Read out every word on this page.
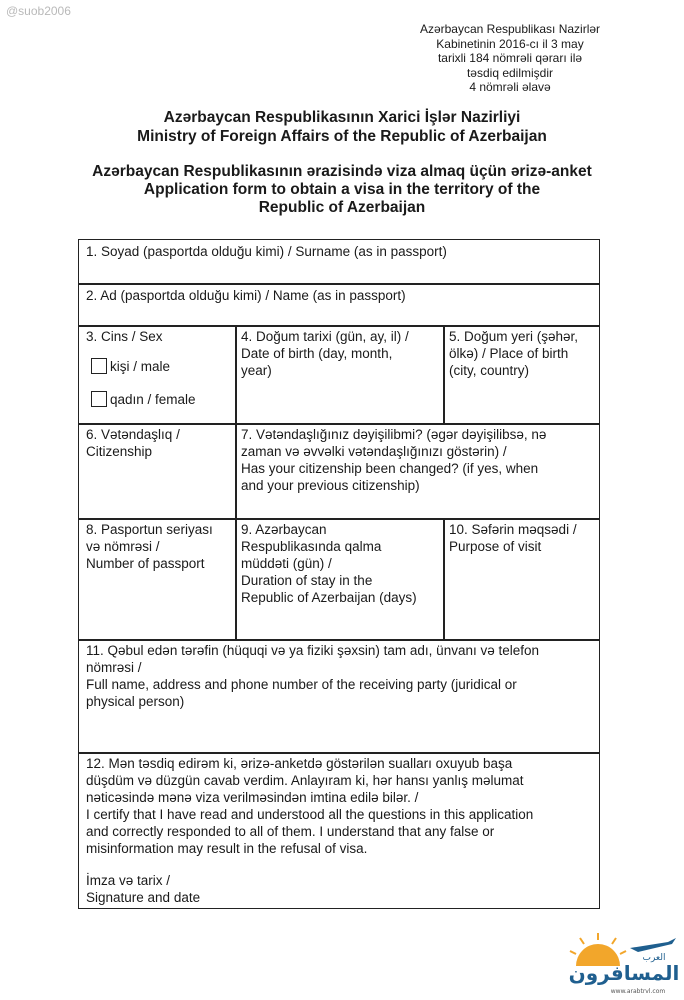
@suob2006
Azərbaycan Respublikası Nazirlər
Kabinetinin 2016-cı il 3 may
tarixli 184 nömrəli qərarı ilə
təsdiq edilmişdir
4 nömrəli əlavə
Azərbaycan Respublikasının Xarici İşlər Nazirliyi
Ministry of Foreign Affairs of the Republic of Azerbaijan
Azərbaycan Respublikasının ərazisində viza almaq üçün ərizə-anket
Application form to obtain a visa in the territory of the
Republic of Azerbaijan
1. Soyad (pasportda olduğu kimi) / Surname (as in passport)
2. Ad (pasportda olduğu kimi) / Name (as in passport)
3. Cins / Sex
kişi / male
qadın / female
4. Doğum tarixi (gün, ay, il) /
Date of birth (day, month,
year)
5. Doğum yeri (şəhər,
ölkə) / Place of birth
(city, country)
6. Vətəndaşlıq /
Citizenship
7. Vətəndaşlığınız dəyişilibmi? (əgər dəyişilibsə, nə
zaman və əvvəlki vətəndaşlığınızı göstərin) /
Has your citizenship been changed? (if yes, when
and your previous citizenship)
8. Pasportun seriyası
və nömrəsi /
Number of passport
9. Azərbaycan
Respublikasında qalma
müddəti (gün) /
Duration of stay in the
Republic of Azerbaijan (days)
10. Səfərin məqsədi /
Purpose of visit
11. Qəbul edən tərəfin (hüquqi və ya fiziki şəxsin) tam adı, ünvanı və telefon
nömrəsi /
Full name, address and phone number of the receiving party (juridical or
physical person)
12. Mən təsdiq edirəm ki, ərizə-anketdə göstərilən sualları oxuyub başa
düşdüm və düzgün cavab verdim. Anlayıram ki, hər hansı yanlış məlumat
nəticəsində mənə viza verilməsindən imtina edilə bilər. /
I certify that I have read and understood all the questions in this application
and correctly responded to all of them. I understand that any false or
misinformation may result in the refusal of visa.
İmza və tarix /
Signature and date
العرب
المسافرون
www.arabtrvl.com
